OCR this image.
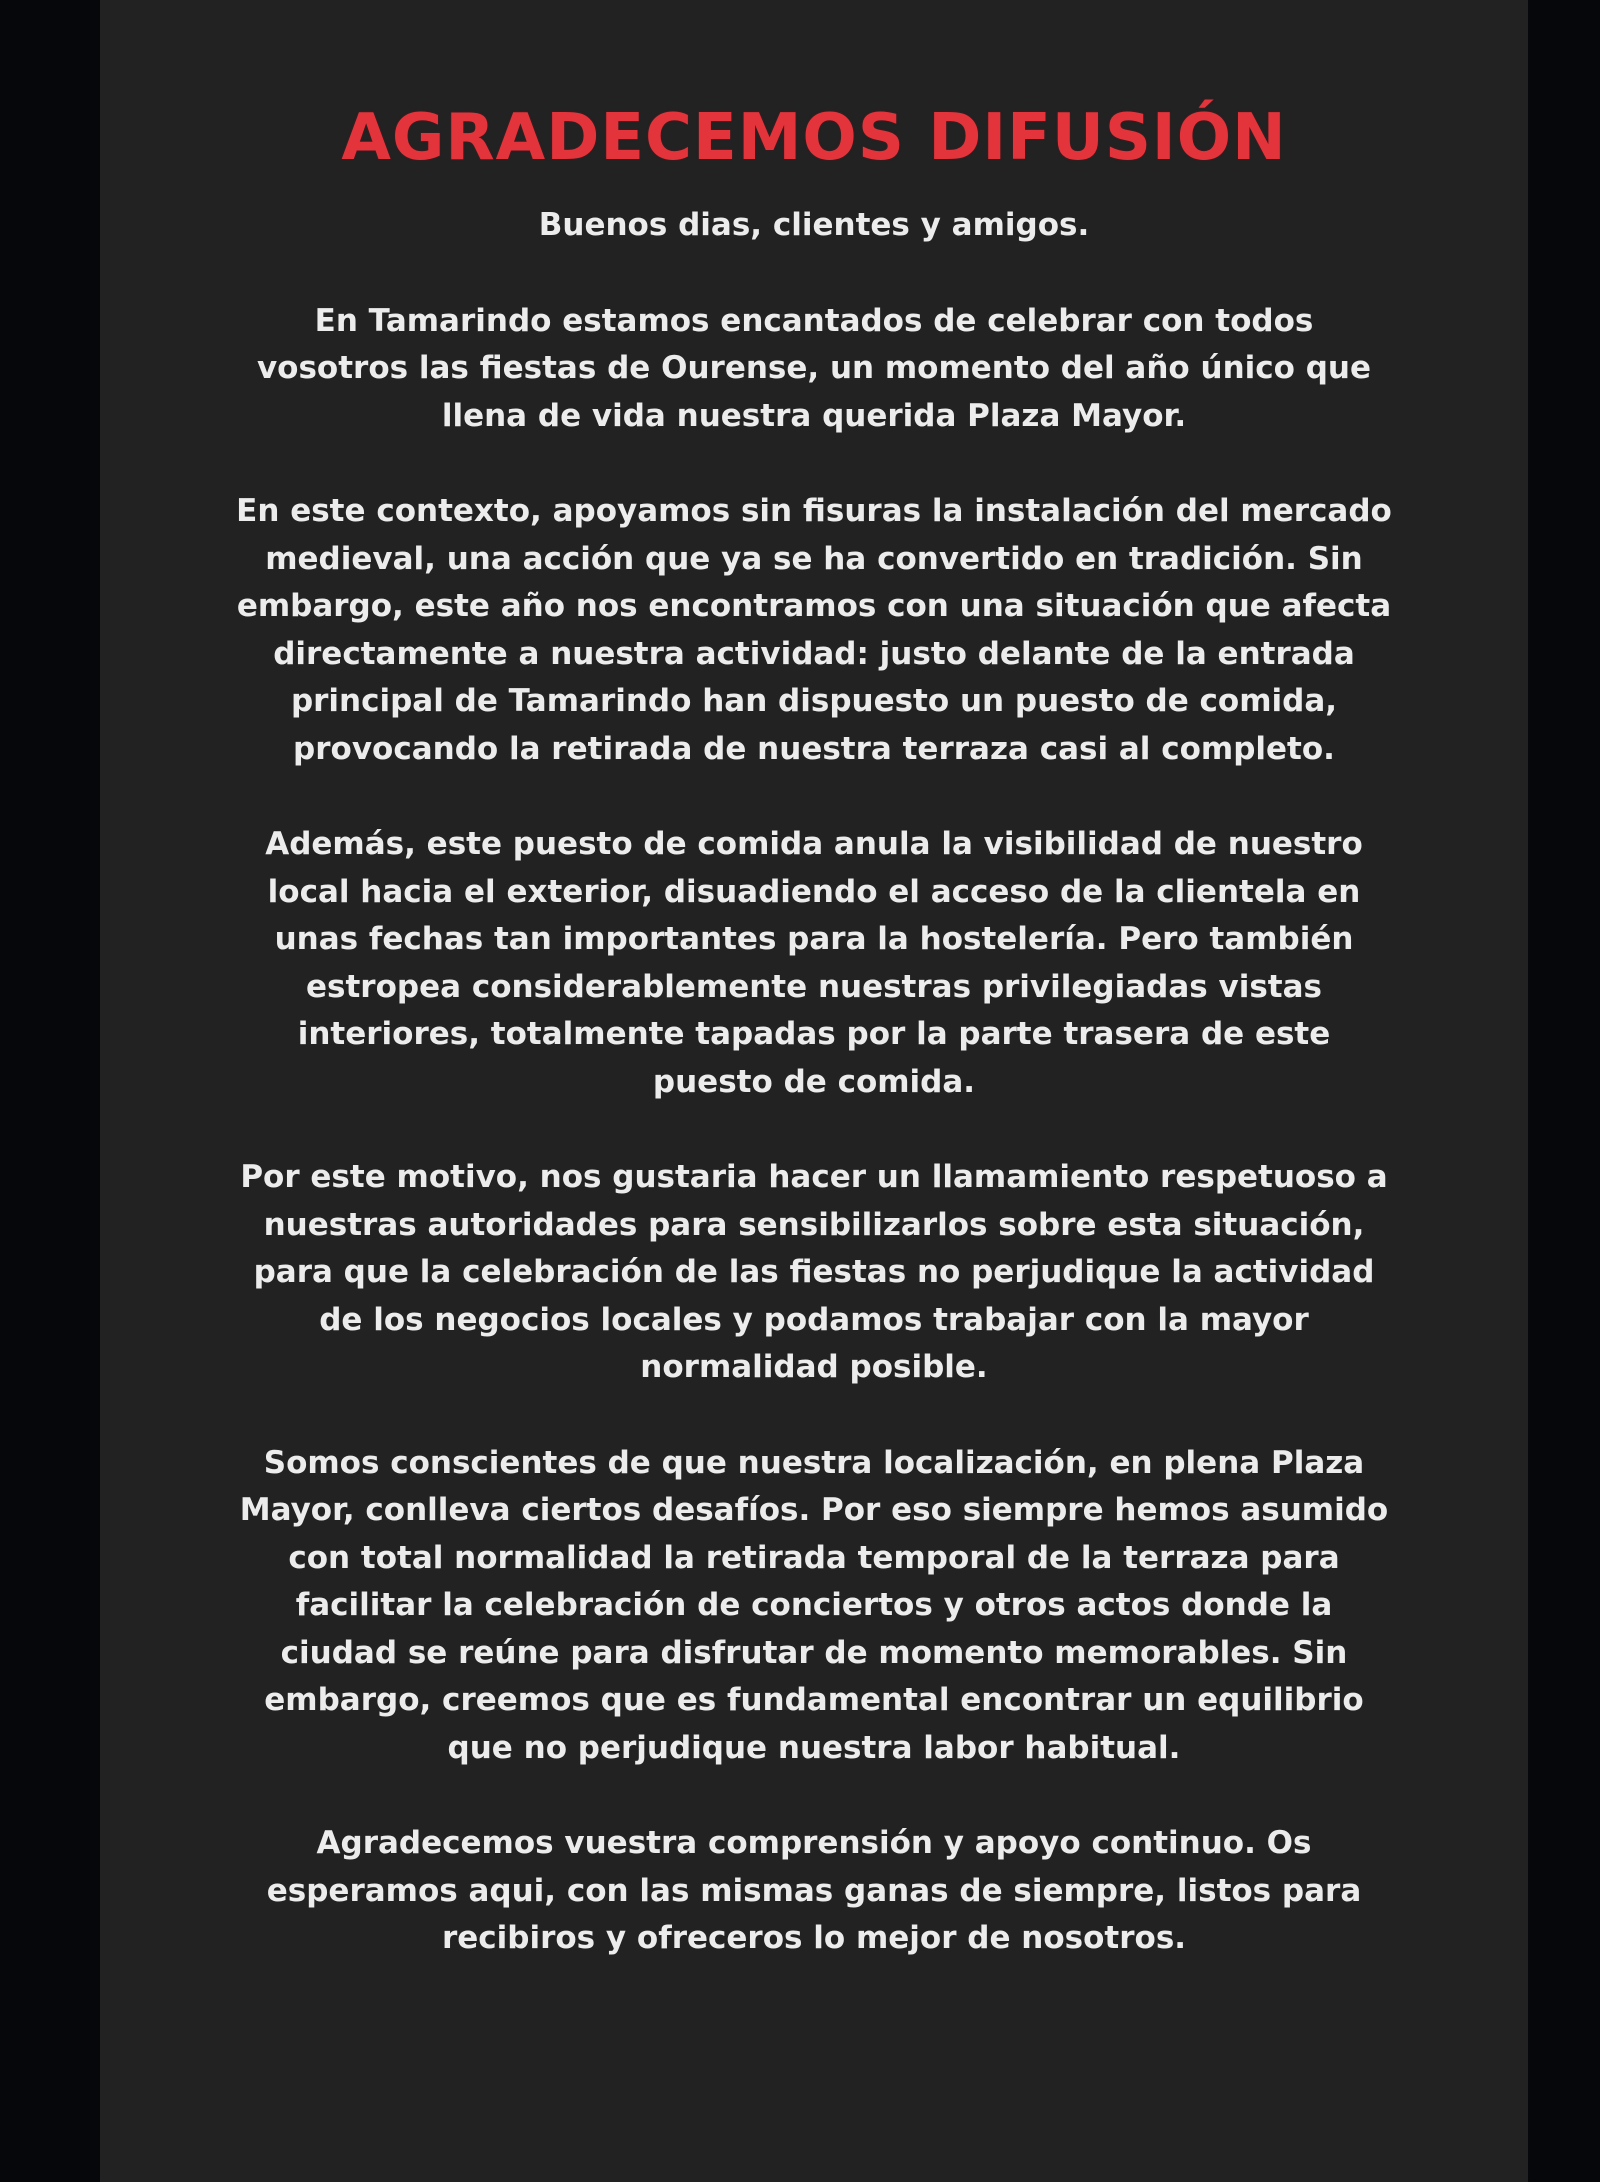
AGRADECEMOS DIFUSIÓN

Buenos dias, clientes y amigos.

En Tamarindo estamos encantados de celebrar con todos vosotros las fiestas de Ourense, un momento del año único que llena de vida nuestra querida Plaza Mayor.

En este contexto, apoyamos sin fisuras la instalación del mercado medieval, una acción que ya se ha convertido en tradición. Sin embargo, este año nos encontramos con una situación que afecta directamente a nuestra actividad: justo delante de la entrada principal de Tamarindo han dispuesto un puesto de comida, provocando la retirada de nuestra terraza casi al completo.

Además, este puesto de comida anula la visibilidad de nuestro local hacia el exterior, disuadiendo el acceso de la clientela en unas fechas tan importantes para la hostelería. Pero también estropea considerablemente nuestras privilegiadas vistas interiores, totalmente tapadas por la parte trasera de este puesto de comida.

Por este motivo, nos gustaria hacer un llamamiento respetuoso a nuestras autoridades para sensibilizarlos sobre esta situación, para que la celebración de las fiestas no perjudique la actividad de los negocios locales y podamos trabajar con la mayor normalidad posible.

Somos conscientes de que nuestra localización, en plena Plaza Mayor, conlleva ciertos desafíos. Por eso siempre hemos asumido con total normalidad la retirada temporal de la terraza para facilitar la celebración de conciertos y otros actos donde la ciudad se reúne para disfrutar de momento memorables. Sin embargo, creemos que es fundamental encontrar un equilibrio que no perjudique nuestra labor habitual.

Agradecemos vuestra comprensión y apoyo continuo. Os esperamos aqui, con las mismas ganas de siempre, listos para recibiros y ofreceros lo mejor de nosotros.
